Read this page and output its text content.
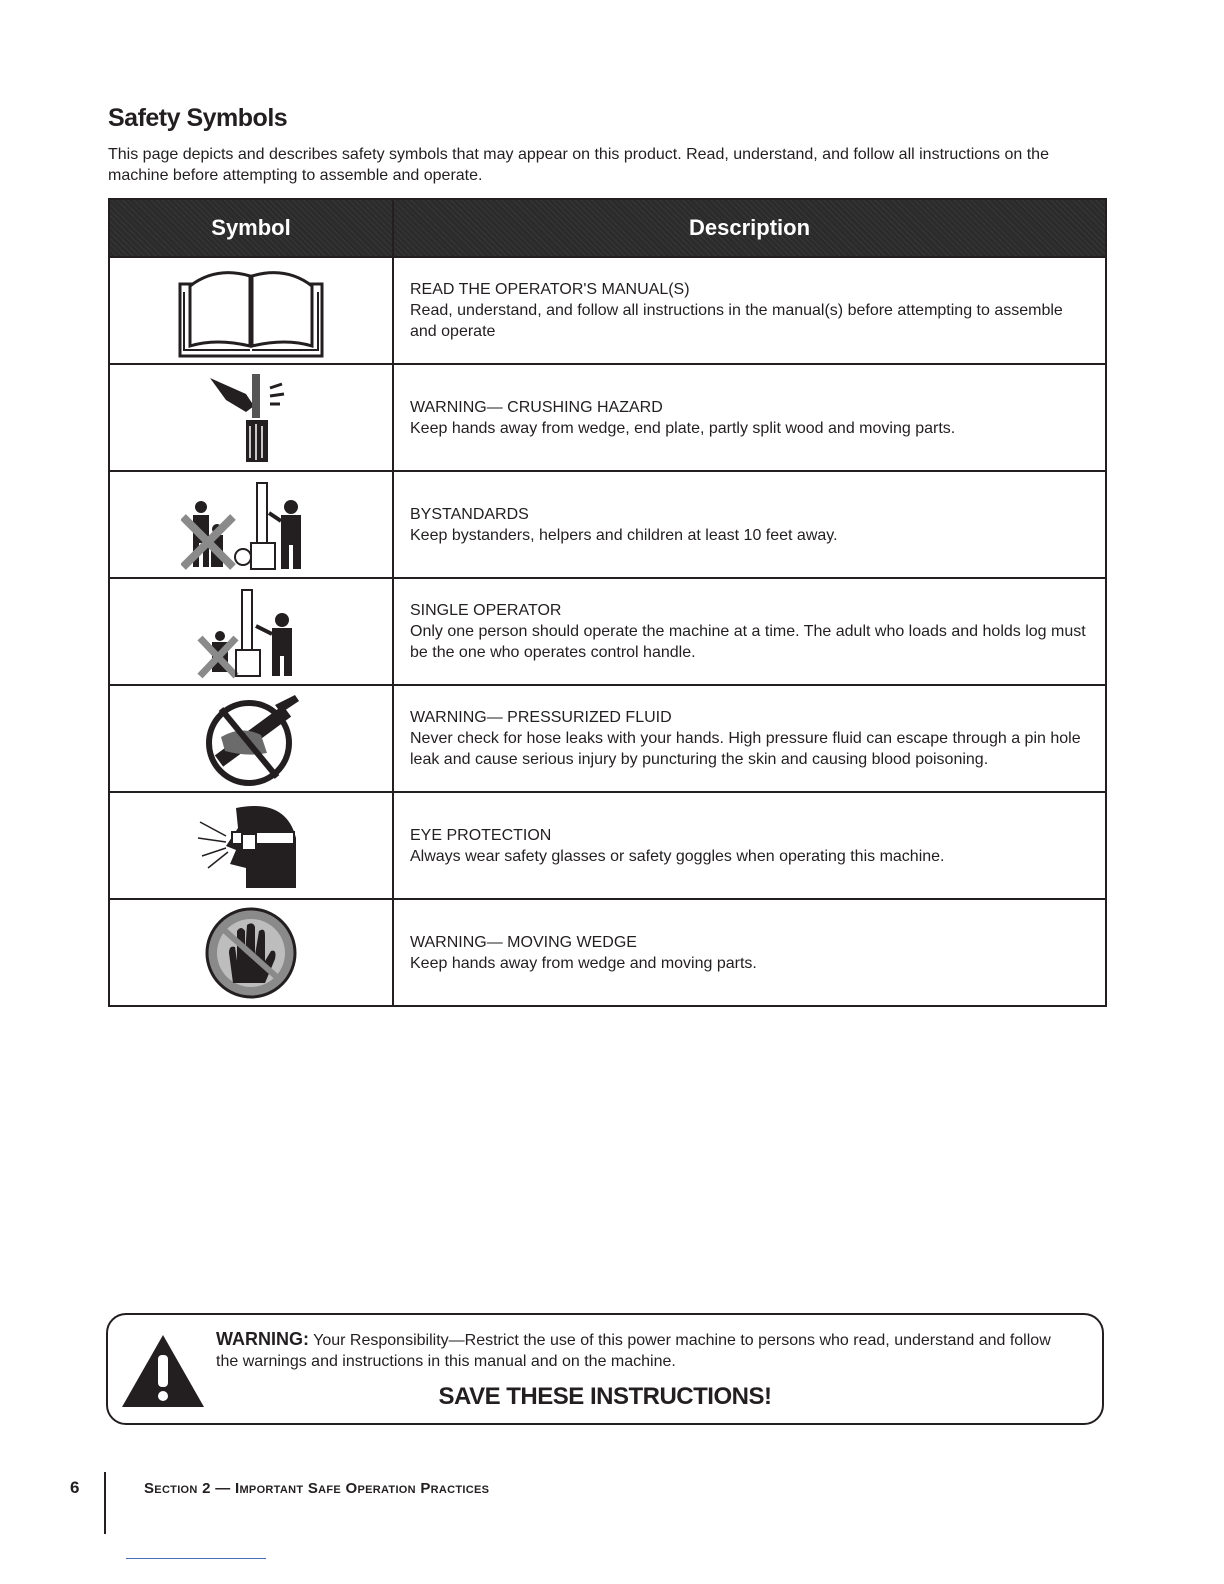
Safety Symbols
This page depicts and describes safety symbols that may appear on this product. Read, understand, and follow all instructions on the machine before attempting to assemble and operate.
Symbol	Description
READ THE OPERATOR'S MANUAL(S)
Read, understand, and follow all instructions in the manual(s) before attempting to assemble and operate
WARNING— CRUSHING HAZARD
Keep hands away from wedge, end plate, partly split wood and moving parts.
BYSTANDARDS
Keep bystanders, helpers and children at least 10 feet away.
SINGLE OPERATOR
Only one person should operate the machine at a time. The adult who loads and holds log must be the one who operates control handle.
WARNING— PRESSURIZED FLUID
Never check for hose leaks with your hands. High pressure fluid can escape through a pin hole leak and cause serious injury by puncturing the skin and causing blood poisoning.
EYE PROTECTION
Always wear safety glasses or safety goggles when operating this machine.
WARNING— MOVING WEDGE
Keep hands away from wedge and moving parts.
WARNING: Your Responsibility—Restrict the use of this power machine to persons who read, understand and follow the warnings and instructions in this manual and on the machine.
SAVE THESE INSTRUCTIONS!
6	Section 2 — Important Safe Operation Practices
